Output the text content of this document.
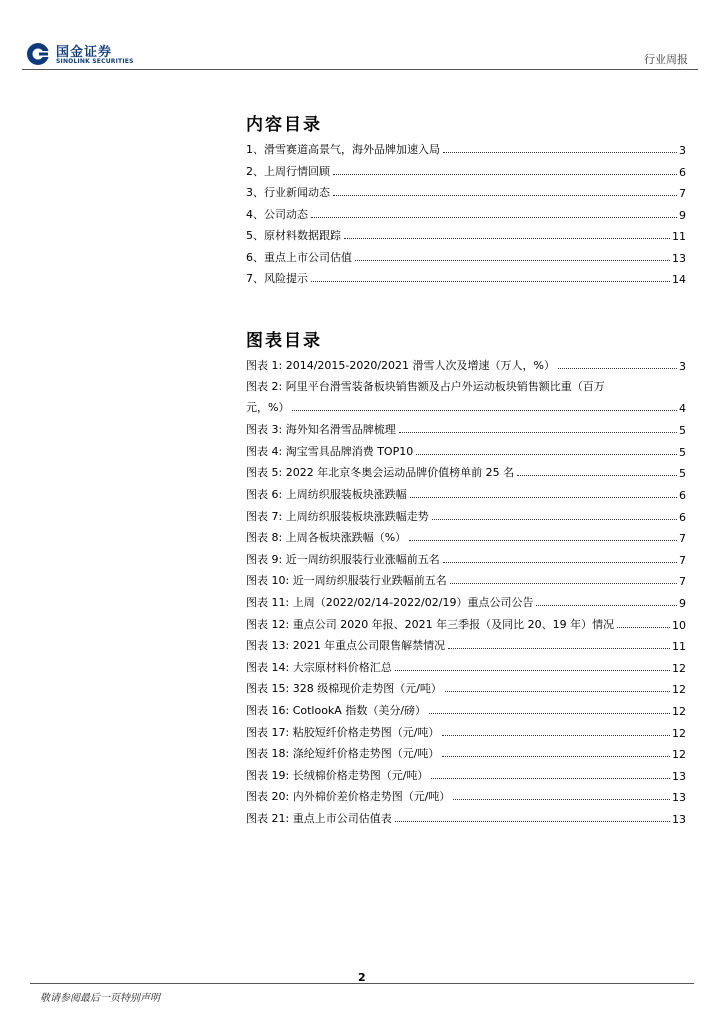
国金证券
SINOLINK SECURITIES	行业周报
内容目录
1、滑雪赛道高景气，海外品牌加速入局	3
2、上周行情回顾	6
3、行业新闻动态	7
4、公司动态	9
5、原材料数据跟踪	11
6、重点上市公司估值	13
7、风险提示	14
图表目录
图表 1: 2014/2015-2020/2021 滑雪人次及增速（万人，%）	3
图表 2: 阿里平台滑雪装备板块销售额及占户外运动板块销售额比重（百万
元，%）	4
图表 3: 海外知名滑雪品牌梳理	5
图表 4: 淘宝雪具品牌消费 TOP10	5
图表 5: 2022 年北京冬奥会运动品牌价值榜单前 25 名	5
图表 6: 上周纺织服装板块涨跌幅	6
图表 7: 上周纺织服装板块涨跌幅走势	6
图表 8: 上周各板块涨跌幅（%）	7
图表 9: 近一周纺织服装行业涨幅前五名	7
图表 10: 近一周纺织服装行业跌幅前五名	7
图表 11: 上周（2022/02/14-2022/02/19）重点公司公告	9
图表 12: 重点公司 2020 年报、2021 年三季报（及同比 20、19 年）情况	10
图表 13: 2021 年重点公司限售解禁情况	11
图表 14: 大宗原材料价格汇总	12
图表 15: 328 级棉现价走势图（元/吨）	12
图表 16: CotlookA 指数（美分/磅）	12
图表 17: 粘胶短纤价格走势图（元/吨）	12
图表 18: 涤纶短纤价格走势图（元/吨）	12
图表 19: 长绒棉价格走势图（元/吨）	13
图表 20: 内外棉价差价格走势图（元/吨）	13
图表 21: 重点上市公司估值表	13
2
敬请参阅最后一页特别声明
